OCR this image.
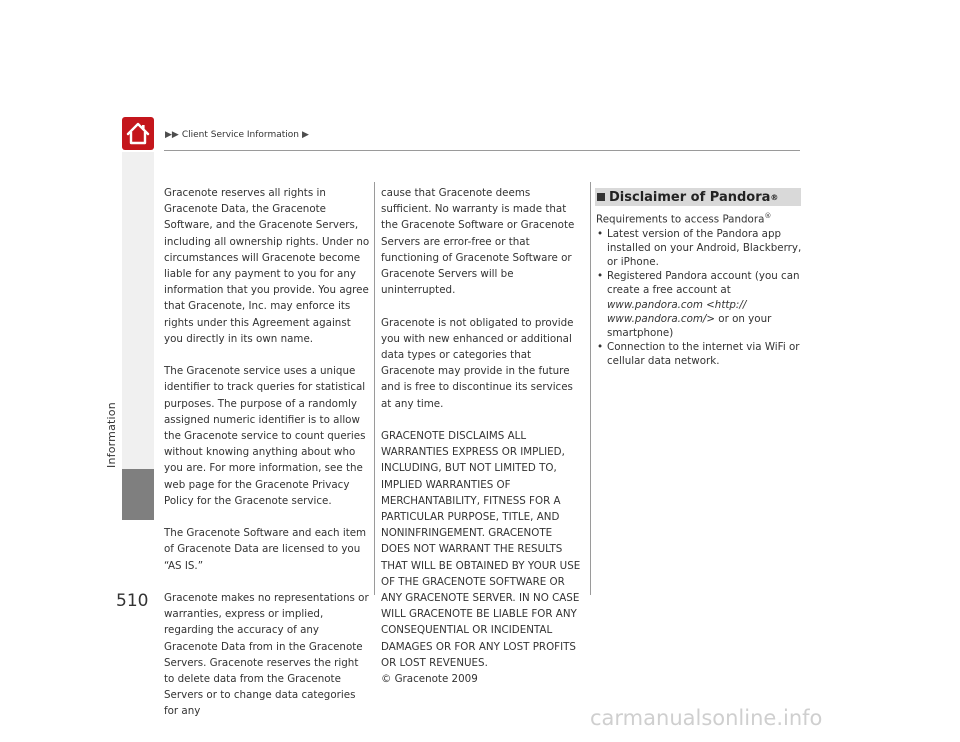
Information
510
▶▶ Client Service Information ▶

Gracenote reserves all rights in Gracenote Data, the Gracenote Software, and the Gracenote Servers, including all ownership rights. Under no circumstances will Gracenote become liable for any payment to you for any information that you provide. You agree that Gracenote, Inc. may enforce its rights under this Agreement against you directly in its own name.

The Gracenote service uses a unique identifier to track queries for statistical purposes. The purpose of a randomly assigned numeric identifier is to allow the Gracenote service to count queries without knowing anything about who you are. For more information, see the web page for the Gracenote Privacy Policy for the Gracenote service.

The Gracenote Software and each item of Gracenote Data are licensed to you “AS IS.”

Gracenote makes no representations or warranties, express or implied, regarding the accuracy of any Gracenote Data from in the Gracenote Servers. Gracenote reserves the right to delete data from the Gracenote Servers or to change data categories for any

cause that Gracenote deems sufficient. No warranty is made that the Gracenote Software or Gracenote Servers are error-free or that functioning of Gracenote Software or Gracenote Servers will be uninterrupted.

Gracenote is not obligated to provide you with new enhanced or additional data types or categories that Gracenote may provide in the future and is free to discontinue its services at any time.

GRACENOTE DISCLAIMS ALL WARRANTIES EXPRESS OR IMPLIED, INCLUDING, BUT NOT LIMITED TO, IMPLIED WARRANTIES OF MERCHANTABILITY, FITNESS FOR A PARTICULAR PURPOSE, TITLE, AND NONINFRINGEMENT. GRACENOTE DOES NOT WARRANT THE RESULTS THAT WILL BE OBTAINED BY YOUR USE OF THE GRACENOTE SOFTWARE OR ANY GRACENOTE SERVER. IN NO CASE WILL GRACENOTE BE LIABLE FOR ANY CONSEQUENTIAL OR INCIDENTAL DAMAGES OR FOR ANY LOST PROFITS OR LOST REVENUES.

© Gracenote 2009

Disclaimer of Pandora ®
Requirements to access Pandora®
• Latest version of the Pandora app installed on your Android, Blackberry, or iPhone.
• Registered Pandora account (you can create a free account at www.pandora.com <http:// www.pandora.com/> or on your smartphone)
• Connection to the internet via WiFi or cellular data network.
carmanualsonline.info
